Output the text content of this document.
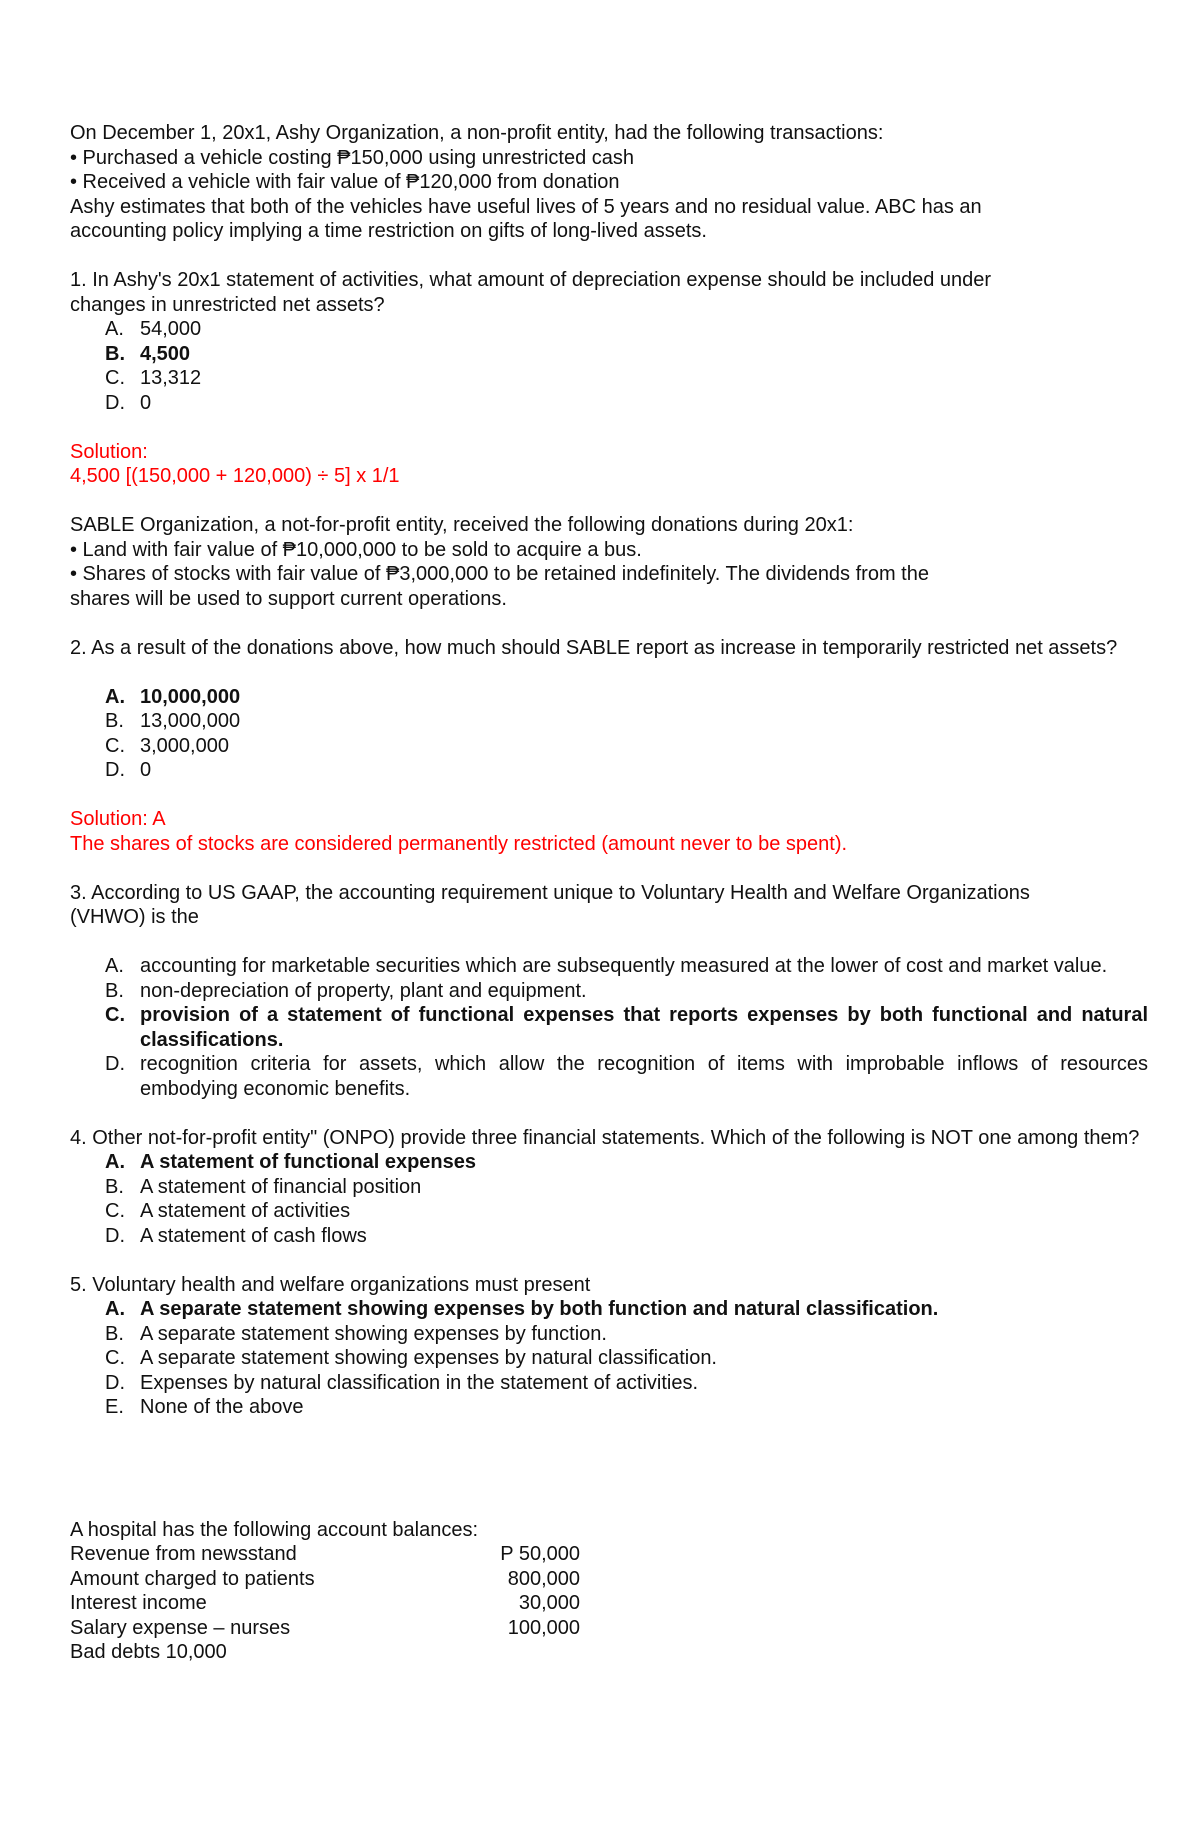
On December 1, 20x1, Ashy Organization, a non-profit entity, had the following transactions:

• Purchased a vehicle costing ₱150,000 using unrestricted cash

• Received a vehicle with fair value of ₱120,000 from donation

Ashy estimates that both of the vehicles have useful lives of 5 years and no residual value. ABC has an

accounting policy implying a time restriction on gifts of long-lived assets.

1. In Ashy's 20x1 statement of activities, what amount of depreciation expense should be included under

changes in unrestricted net assets?

A. 54,000
B. 4,500
C. 13,312
D. 0

Solution:

4,500 [(150,000 + 120,000) ÷ 5] x 1/1

SABLE Organization, a not-for-profit entity, received the following donations during 20x1:

• Land with fair value of ₱10,000,000 to be sold to acquire a bus.

• Shares of stocks with fair value of ₱3,000,000 to be retained indefinitely. The dividends from the

shares will be used to support current operations.

2. As a result of the donations above, how much should SABLE report as increase in temporarily restricted net assets?

A. 10,000,000
B. 13,000,000
C. 3,000,000
D. 0

Solution: A

The shares of stocks are considered permanently restricted (amount never to be spent).

3. According to US GAAP, the accounting requirement unique to Voluntary Health and Welfare Organizations

(VHWO) is the

A. accounting for marketable securities which are subsequently measured at the lower of cost and market value.
B. non-depreciation of property, plant and equipment.
C. provision of a statement of functional expenses that reports expenses by both functional and natural classifications.
D. recognition criteria for assets, which allow the recognition of items with improbable inflows of resources embodying economic benefits.

4. Other not-for-profit entity" (ONPO) provide three financial statements. Which of the following is NOT one among them?

A. A statement of functional expenses
B. A statement of financial position
C. A statement of activities
D. A statement of cash flows

5. Voluntary health and welfare organizations must present

A. A separate statement showing expenses by both function and natural classification.
B. A separate statement showing expenses by function.
C. A separate statement showing expenses by natural classification.
D. Expenses by natural classification in the statement of activities.
E. None of the above

A hospital has the following account balances:

Revenue from newsstand	P 50,000
Amount charged to patients	800,000
Interest income	30,000
Salary expense – nurses	100,000

Bad debts 10,000
